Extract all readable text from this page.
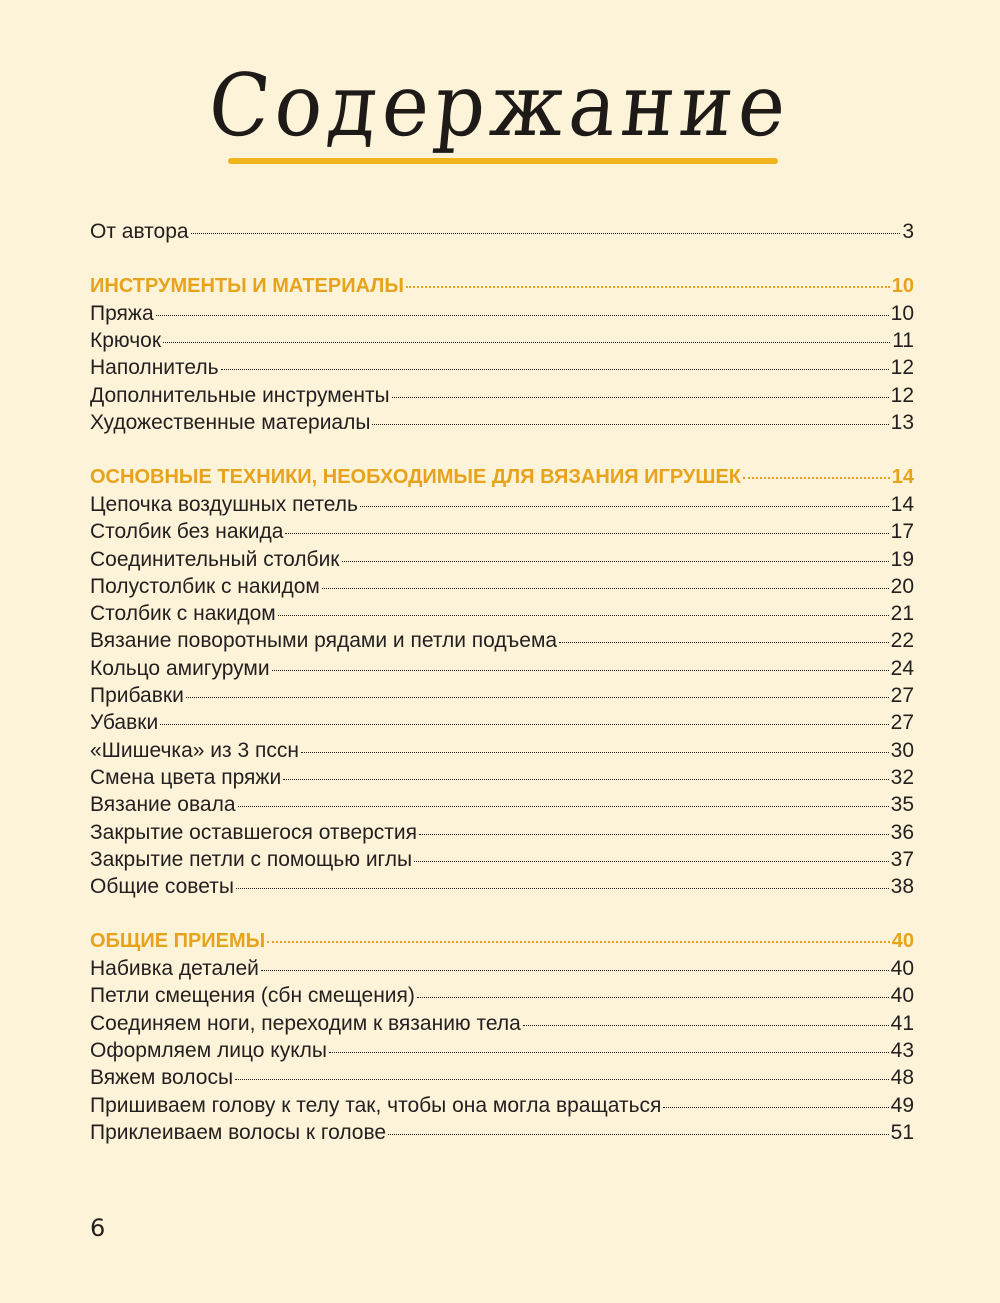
Содержание
От автора	3
ИНСТРУМЕНТЫ И МАТЕРИАЛЫ	10
Пряжа	10
Крючок	11
Наполнитель	12
Дополнительные инструменты	12
Художественные материалы	13
ОСНОВНЫЕ ТЕХНИКИ, НЕОБХОДИМЫЕ ДЛЯ ВЯЗАНИЯ ИГРУШЕК	14
Цепочка воздушных петель	14
Столбик без накида	17
Соединительный столбик	19
Полустолбик с накидом	20
Столбик с накидом	21
Вязание поворотными рядами и петли подъема	22
Кольцо амигуруми	24
Прибавки	27
Убавки	27
«Шишечка» из 3 пссн	30
Смена цвета пряжи	32
Вязание овала	35
Закрытие оставшегося отверстия	36
Закрытие петли с помощью иглы	37
Общие советы	38
ОБЩИЕ ПРИЕМЫ	40
Набивка деталей	40
Петли смещения (сбн смещения)	40
Соединяем ноги, переходим к вязанию тела	41
Оформляем лицо куклы	43
Вяжем волосы	48
Пришиваем голову к телу так, чтобы она могла вращаться	49
Приклеиваем волосы к голове	51
6
